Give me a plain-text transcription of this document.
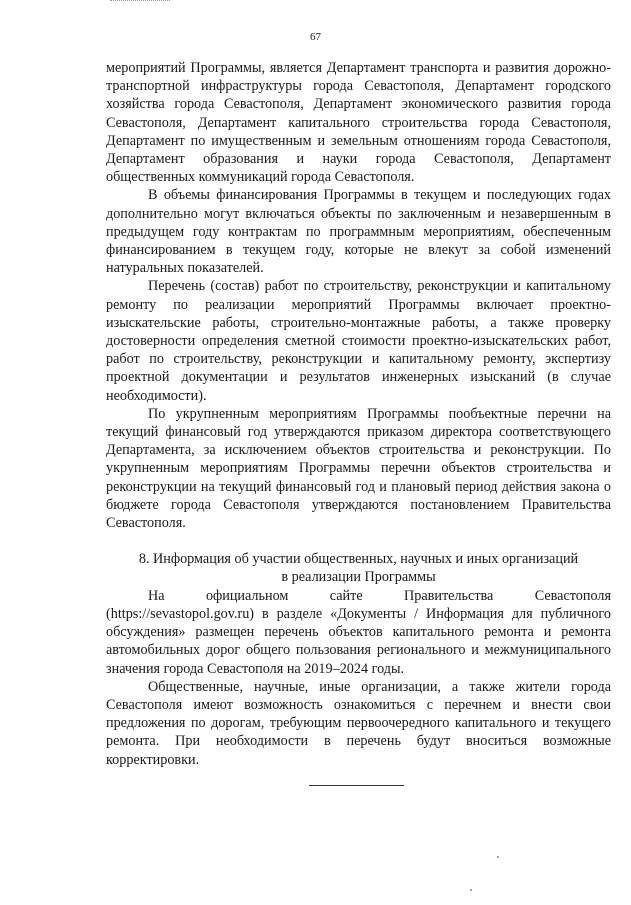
67

мероприятий Программы, является Департамент транспорта и развития дорожно-транспортной инфраструктуры города Севастополя, Департамент городского хозяйства города Севастополя, Департамент экономического развития города Севастополя, Департамент капитального строительства города Севастополя, Департамент по имущественным и земельным отношениям города Севастополя, Департамент образования и науки города Севастополя, Департамент общественных коммуникаций города Севастополя.

В объемы финансирования Программы в текущем и последующих годах дополнительно могут включаться объекты по заключенным и незавершенным в предыдущем году контрактам по программным мероприятиям, обеспеченным финансированием в текущем году, которые не влекут за собой изменений натуральных показателей.

Перечень (состав) работ по строительству, реконструкции и капитальному ремонту по реализации мероприятий Программы включает проектно-изыскательские работы, строительно-монтажные работы, а также проверку достоверности определения сметной стоимости проектно-изыскательских работ, работ по строительству, реконструкции и капитальному ремонту, экспертизу проектной документации и результатов инженерных изысканий (в случае необходимости).

По укрупненным мероприятиям Программы пообъектные перечни на текущий финансовый год утверждаются приказом директора соответствующего Департамента, за исключением объектов строительства и реконструкции. По укрупненным мероприятиям Программы перечни объектов строительства и реконструкции на текущий финансовый год и плановый период действия закона о бюджете города Севастополя утверждаются постановлением Правительства Севастополя.

8. Информация об участии общественных, научных и иных организаций
в реализации Программы

На официальном сайте Правительства Севастополя (https://sevastopol.gov.ru) в разделе «Документы / Информация для публичного обсуждения» размещен перечень объектов капитального ремонта и ремонта автомобильных дорог общего пользования регионального и межмуниципального значения города Севастополя на 2019–2024 годы.

Общественные, научные, иные организации, а также жители города Севастополя имеют возможность ознакомиться с перечнем и внести свои предложения по дорогам, требующим первоочередного капитального и текущего ремонта. При необходимости в перечень будут вноситься возможные корректировки.
